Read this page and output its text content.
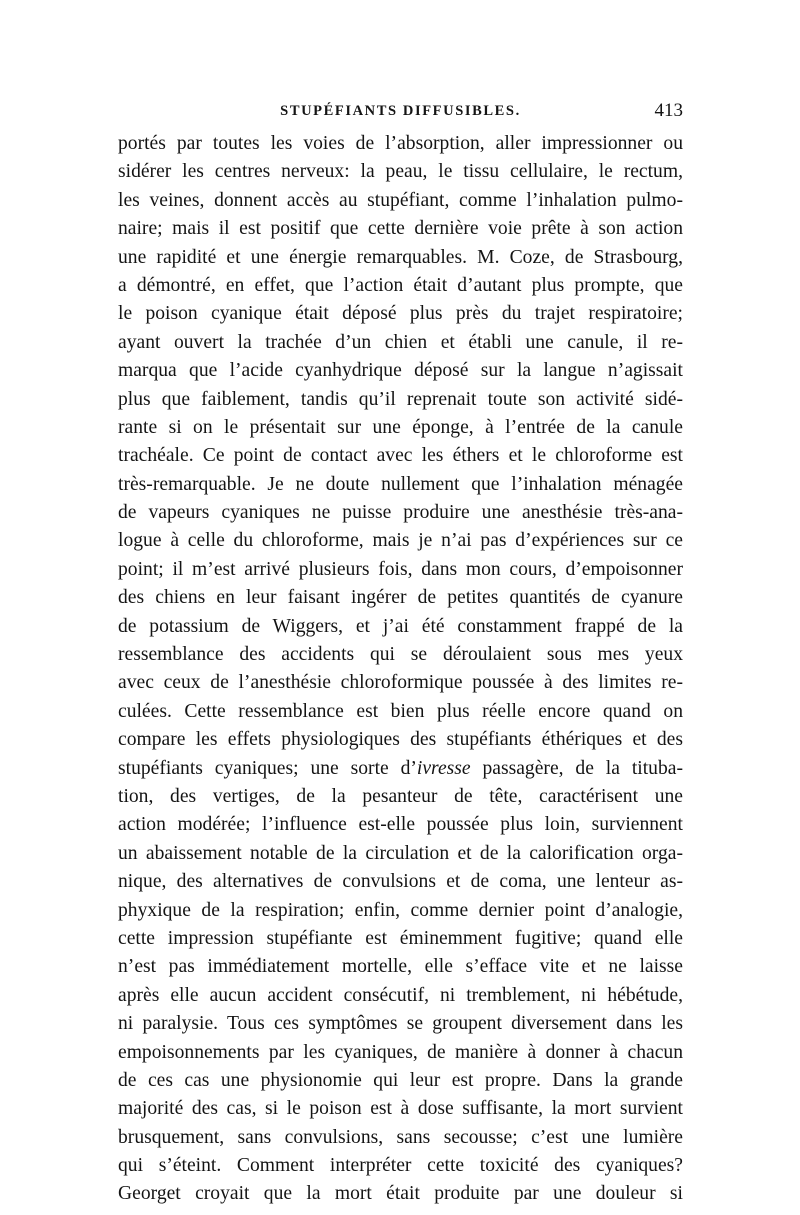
STUPÉFIANTS DIFFUSIBLES.	413
portés par toutes les voies de l’absorption, aller impressionner ou
sidérer les centres nerveux: la peau, le tissu cellulaire, le rectum,
les veines, donnent accès au stupéfiant, comme l’inhalation pulmo-
naire; mais il est positif que cette dernière voie prête à son action
une rapidité et une énergie remarquables. M. Coze, de Strasbourg,
a démontré, en effet, que l’action était d’autant plus prompte, que
le poison cyanique était déposé plus près du trajet respiratoire;
ayant ouvert la trachée d’un chien et établi une canule, il re-
marqua que l’acide cyanhydrique déposé sur la langue n’agissait
plus que faiblement, tandis qu’il reprenait toute son activité sidé-
rante si on le présentait sur une éponge, à l’entrée de la canule
trachéale. Ce point de contact avec les éthers et le chloroforme est
très-remarquable. Je ne doute nullement que l’inhalation ménagée
de vapeurs cyaniques ne puisse produire une anesthésie très-ana-
logue à celle du chloroforme, mais je n’ai pas d’expériences sur ce
point; il m’est arrivé plusieurs fois, dans mon cours, d’empoisonner
des chiens en leur faisant ingérer de petites quantités de cyanure
de potassium de Wiggers, et j’ai été constamment frappé de la
ressemblance des accidents qui se déroulaient sous mes yeux
avec ceux de l’anesthésie chloroformique poussée à des limites re-
culées. Cette ressemblance est bien plus réelle encore quand on
compare les effets physiologiques des stupéfiants éthériques et des
stupéfiants cyaniques; une sorte d’ivresse passagère, de la tituba-
tion, des vertiges, de la pesanteur de tête, caractérisent une
action modérée; l’influence est-elle poussée plus loin, surviennent
un abaissement notable de la circulation et de la calorification orga-
nique, des alternatives de convulsions et de coma, une lenteur as-
phyxique de la respiration; enfin, comme dernier point d’analogie,
cette impression stupéfiante est éminemment fugitive; quand elle
n’est pas immédiatement mortelle, elle s’efface vite et ne laisse
après elle aucun accident consécutif, ni tremblement, ni hébétude,
ni paralysie. Tous ces symptômes se groupent diversement dans les
empoisonnements par les cyaniques, de manière à donner à chacun
de ces cas une physionomie qui leur est propre. Dans la grande
majorité des cas, si le poison est à dose suffisante, la mort survient
brusquement, sans convulsions, sans secousse; c’est une lumière
qui s’éteint. Comment interpréter cette toxicité des cyaniques?
Georget croyait que la mort était produite par une douleur si
